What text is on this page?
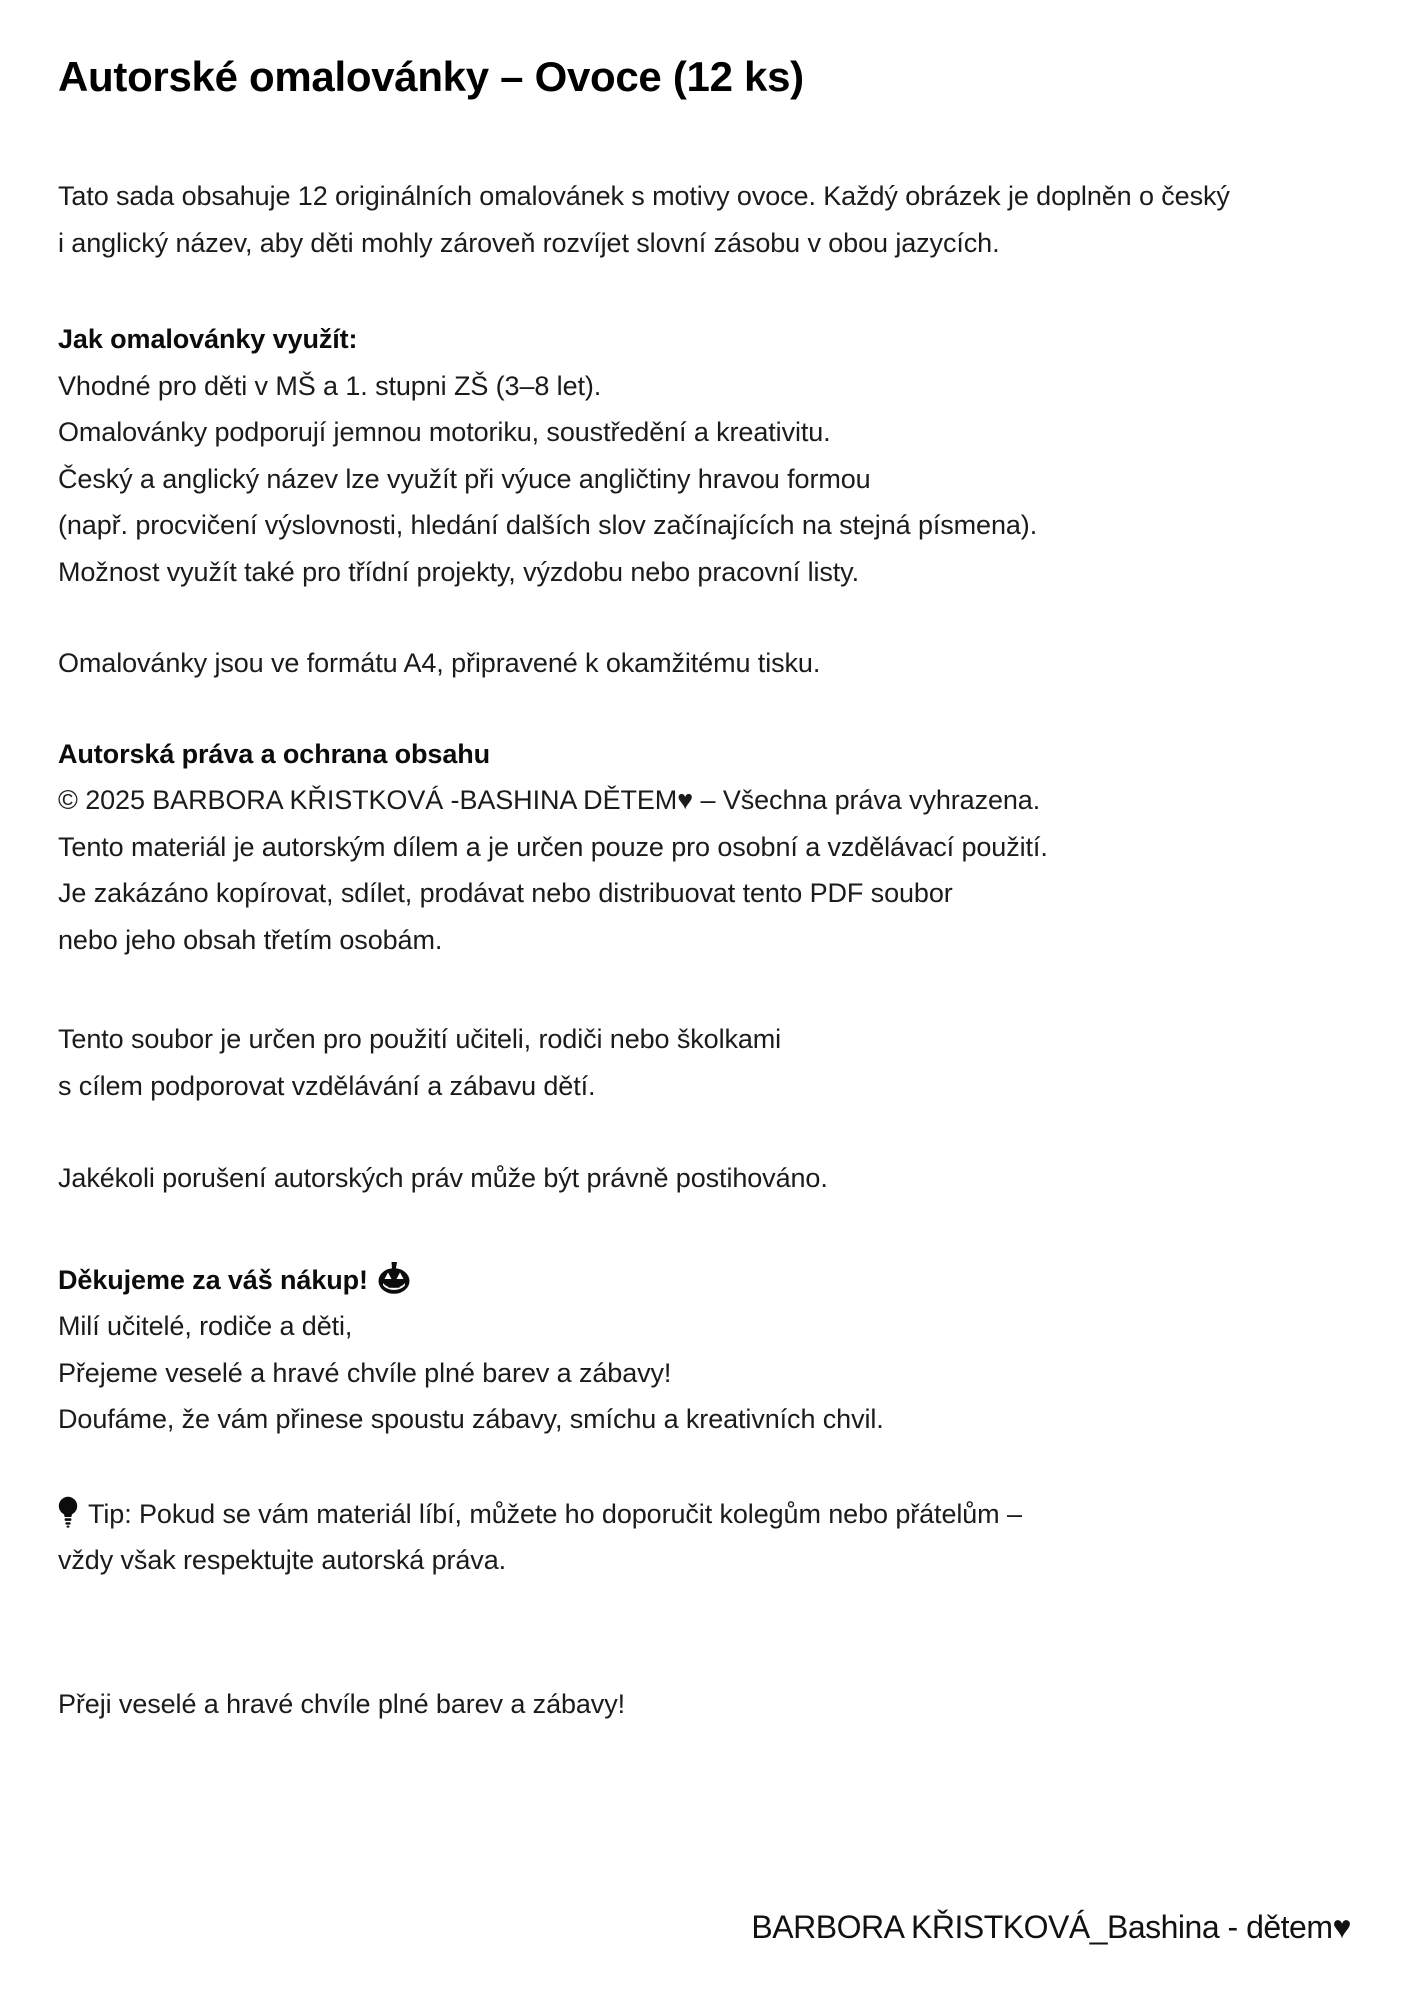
Autorské omalovánky – Ovoce (12 ks)
Tato sada obsahuje 12 originálních omalovánek s motivy ovoce. Každý obrázek je doplněn o český
i anglický název, aby děti mohly zároveň rozvíjet slovní zásobu v obou jazycích.
Jak omalovánky využít:
Vhodné pro děti v MŠ a 1. stupni ZŠ (3–8 let).
Omalovánky podporují jemnou motoriku, soustředění a kreativitu.
Český a anglický název lze využít při výuce angličtiny hravou formou
(např. procvičení výslovnosti, hledání dalších slov začínajících na stejná písmena).
Možnost využít také pro třídní projekty, výzdobu nebo pracovní listy.
Omalovánky jsou ve formátu A4, připravené k okamžitému tisku.
Autorská práva a ochrana obsahu
© 2025 BARBORA KŘISTKOVÁ -BASHINA DĚTEM♥ – Všechna práva vyhrazena.
Tento materiál je autorským dílem a je určen pouze pro osobní a vzdělávací použití.
Je zakázáno kopírovat, sdílet, prodávat nebo distribuovat tento PDF soubor
nebo jeho obsah třetím osobám.
Tento soubor je určen pro použití učiteli, rodiči nebo školkami
s cílem podporovat vzdělávání a zábavu dětí.
Jakékoli porušení autorských práv může být právně postihováno.
Děkujeme za váš nákup!
Milí učitelé, rodiče a děti,
Přejeme veselé a hravé chvíle plné barev a zábavy!
Doufáme, že vám přinese spoustu zábavy, smíchu a kreativních chvil.
Tip: Pokud se vám materiál líbí, můžete ho doporučit kolegům nebo přátelům –
vždy však respektujte autorská práva.
Přeji veselé a hravé chvíle plné barev a zábavy!
BARBORA KŘISTKOVÁ_Bashina - dětem♥
